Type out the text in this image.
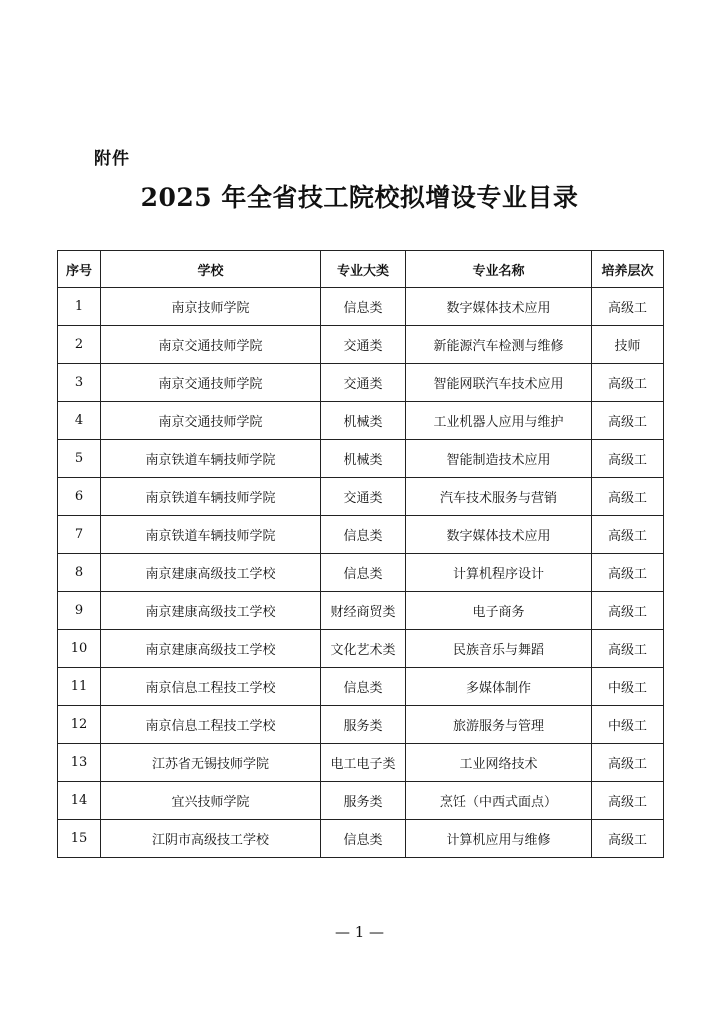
附件
2025 年全省技工院校拟增设专业目录
序号	学校	专业大类	专业名称	培养层次
1	南京技师学院	信息类	数字媒体技术应用	高级工
2	南京交通技师学院	交通类	新能源汽车检测与维修	技师
3	南京交通技师学院	交通类	智能网联汽车技术应用	高级工
4	南京交通技师学院	机械类	工业机器人应用与维护	高级工
5	南京铁道车辆技师学院	机械类	智能制造技术应用	高级工
6	南京铁道车辆技师学院	交通类	汽车技术服务与营销	高级工
7	南京铁道车辆技师学院	信息类	数字媒体技术应用	高级工
8	南京建康高级技工学校	信息类	计算机程序设计	高级工
9	南京建康高级技工学校	财经商贸类	电子商务	高级工
10	南京建康高级技工学校	文化艺术类	民族音乐与舞蹈	高级工
11	南京信息工程技工学校	信息类	多媒体制作	中级工
12	南京信息工程技工学校	服务类	旅游服务与管理	中级工
13	江苏省无锡技师学院	电工电子类	工业网络技术	高级工
14	宜兴技师学院	服务类	烹饪（中西式面点）	高级工
15	江阴市高级技工学校	信息类	计算机应用与维修	高级工
— 1 —
